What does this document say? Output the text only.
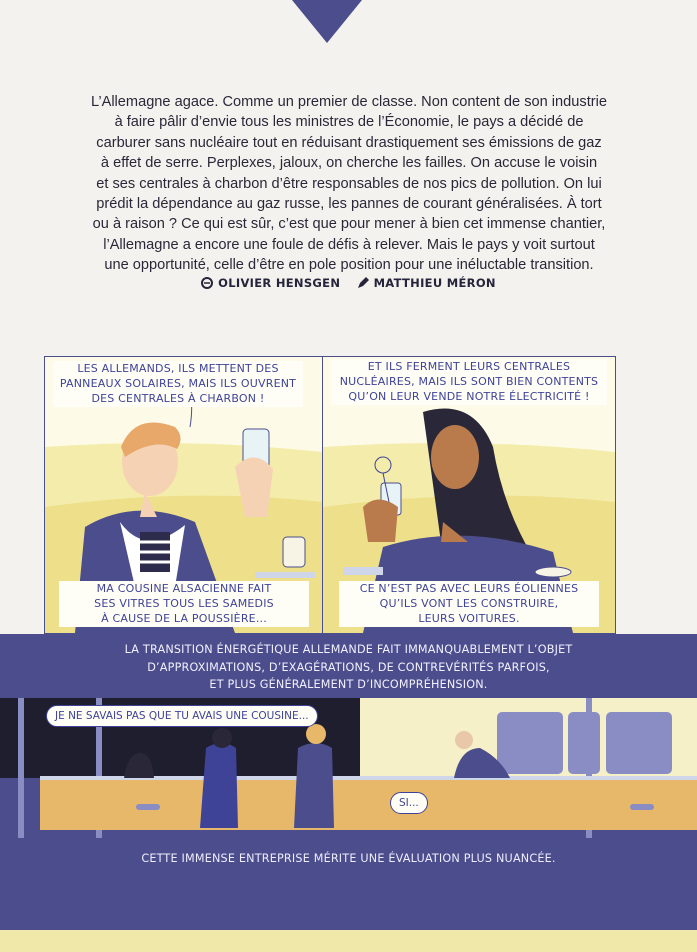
L’Allemagne agace. Comme un premier de classe. Non content de son industrie
à faire pâlir d’envie tous les ministres de l’Économie, le pays a décidé de
carburer sans nucléaire tout en réduisant drastiquement ses émissions de gaz
à effet de serre. Perplexes, jaloux, on cherche les failles. On accuse le voisin
et ses centrales à charbon d’être responsables de nos pics de pollution. On lui
prédit la dépendance au gaz russe, les pannes de courant généralisées. À tort
ou à raison ? Ce qui est sûr, c’est que pour mener à bien cet immense chantier,
l’Allemagne a encore une foule de défis à relever. Mais le pays y voit surtout
une opportunité, celle d’être en pole position pour une inéluctable transition.
OLIVIER HENSGEN
	MATTHIEU MÉRON
LES ALLEMANDS, ILS METTENT DES
PANNEAUX SOLAIRES, MAIS ILS OUVRENT
DES CENTRALES À CHARBON !
MA COUSINE ALSACIENNE FAIT
SES VITRES TOUS LES SAMEDIS
À CAUSE DE LA POUSSIÈRE...
ET ILS FERMENT LEURS CENTRALES
NUCLÉAIRES, MAIS ILS SONT BIEN CONTENTS
QU’ON LEUR VENDE NOTRE ÉLECTRICITÉ !
CE N’EST PAS AVEC LEURS ÉOLIENNES
QU’ILS VONT LES CONSTRUIRE,
LEURS VOITURES.
LA TRANSITION ÉNERGÉTIQUE ALLEMANDE FAIT IMMANQUABLEMENT L’OBJET
D’APPROXIMATIONS, D’EXAGÉRATIONS, DE CONTREVÉRITÉS PARFOIS,
ET PLUS GÉNÉRALEMENT D’INCOMPRÉHENSION.
JE NE SAVAIS PAS QUE TU AVAIS UNE COUSINE...
SI...
CETTE IMMENSE ENTREPRISE MÉRITE UNE ÉVALUATION PLUS NUANCÉE.
